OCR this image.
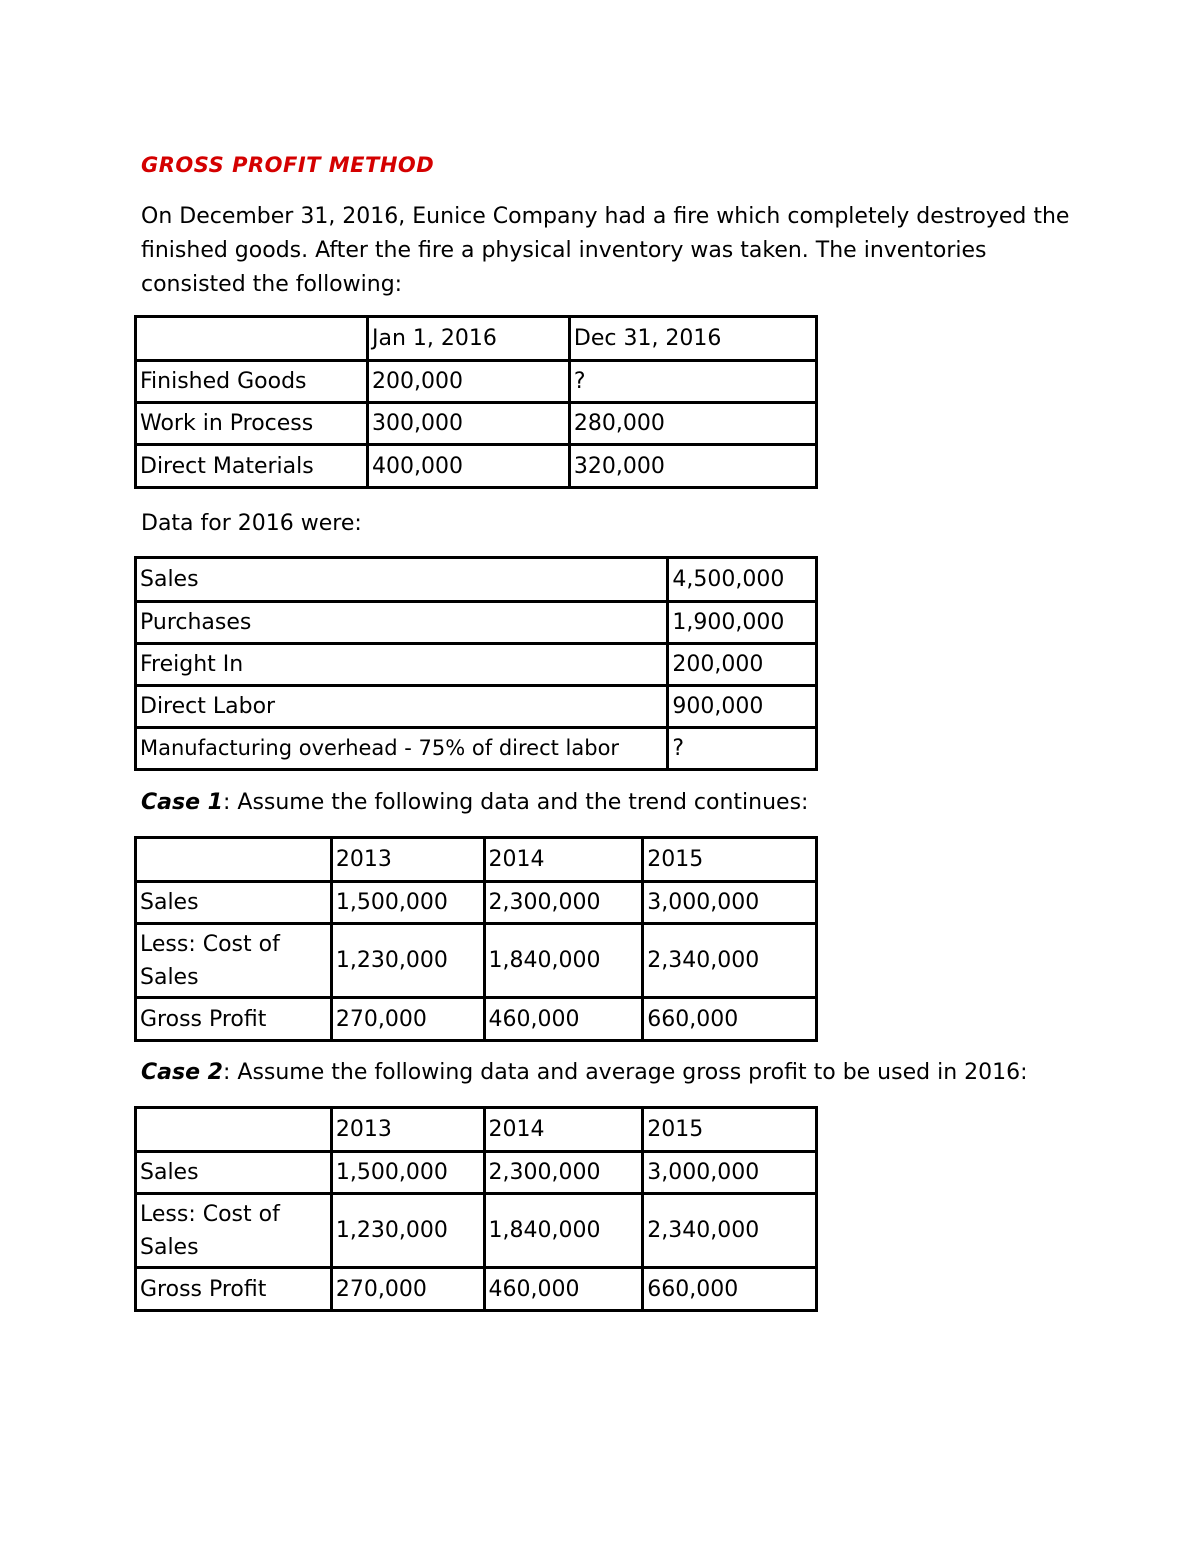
GROSS PROFIT METHOD
On December 31, 2016, Eunice Company had a fire which completely destroyed the finished goods. After the fire a physical inventory was taken. The inventories consisted the following:
	Jan 1, 2016	Dec 31, 2016
Finished Goods	200,000	?
Work in Process	300,000	280,000
Direct Materials	400,000	320,000
Data for 2016 were:
Sales	4,500,000
Purchases	1,900,000
Freight In	200,000
Direct Labor	900,000
Manufacturing overhead - 75% of direct labor	?
Case 1: Assume the following data and the trend continues:
	2013	2014	2015
Sales	1,500,000	2,300,000	3,000,000
Less: Cost of Sales	1,230,000	1,840,000	2,340,000
Gross Profit	270,000	460,000	660,000
Case 2: Assume the following data and average gross profit to be used in 2016:
	2013	2014	2015
Sales	1,500,000	2,300,000	3,000,000
Less: Cost of Sales	1,230,000	1,840,000	2,340,000
Gross Profit	270,000	460,000	660,000
